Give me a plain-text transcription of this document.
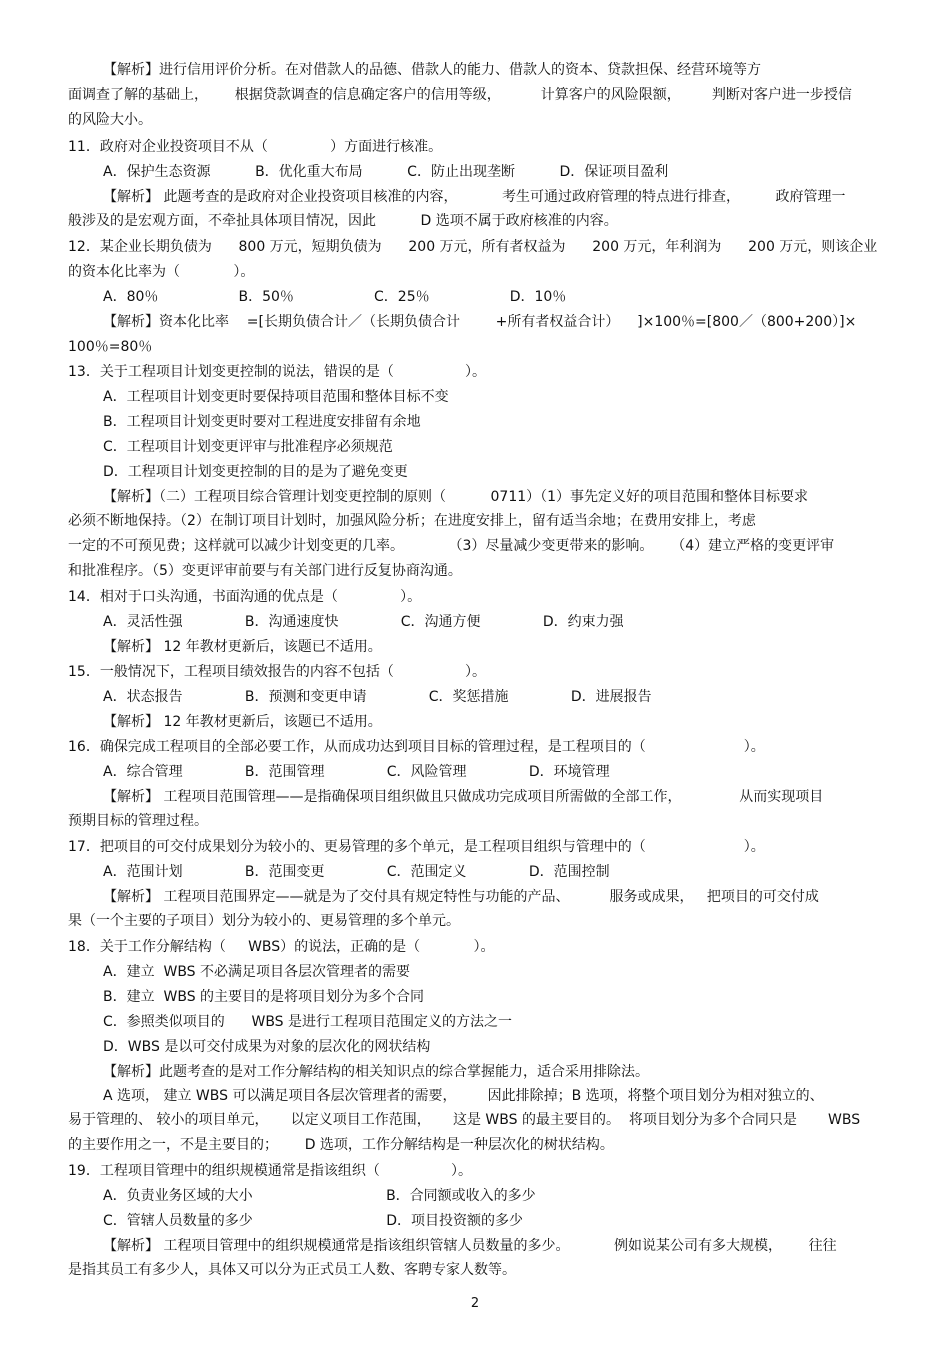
【解析】进行信用评价分析。在对借款人的品德、借款人的能力、借款人的资本、贷款担保、经营环境等方
面调查了解的基础上，      根据贷款调查的信息确定客户的信用等级，         计算客户的风险限额，       判断对客户进一步授信
的风险大小。
11．政府对企业投资项目不从（              ）方面进行核准。
A．保护生态资源          B．优化重大布局          C．防止出现垄断          D．保证项目盈利
【解析】 此题考查的是政府对企业投资项目核准的内容，          考生可通过政府管理的特点进行排查，        政府管理一
般涉及的是宏观方面，不牵扯具体项目情况，因此          D 选项不属于政府核准的内容。
12．某企业长期负债为      800 万元，短期负债为      200 万元，所有者权益为      200 万元，年利润为      200 万元，则该企业
的资本化比率为（            ）。
A．80％                  B．50％                  C．25％                  D．10％
【解析】资本化比率    =[长期负债合计／（长期负债合计        +所有者权益合计）    ]×100％=[800／（800+200）]×
100％=80％
13．关于工程项目计划变更控制的说法，错误的是（                ）。
A．工程项目计划变更时要保持项目范围和整体目标不变
B．工程项目计划变更时要对工程进度安排留有余地
C．工程项目计划变更评审与批准程序必须规范
D．工程项目计划变更控制的目的是为了避免变更
【解析】（二）工程项目综合管理计划变更控制的原则（          0711）（1）事先定义好的项目范围和整体目标要求
必须不断地保持。（2）在制订项目计划时，加强风险分析；在进度安排上，留有适当余地；在费用安排上，考虑
一定的不可预见费；这样就可以减少计划变更的几率。          （3）尽量减少变更带来的影响。    （4）建立严格的变更评审
和批准程序。（5）变更评审前要与有关部门进行反复协商沟通。
14．相对于口头沟通，书面沟通的优点是（              ）。
A．灵活性强              B．沟通速度快              C．沟通方便              D．约束力强
【解析】 12 年教材更新后，该题已不适用。
15．一般情况下，工程项目绩效报告的内容不包括（                ）。
A．状态报告              B．预测和变更申请              C．奖惩措施              D．进展报告
【解析】 12 年教材更新后，该题已不适用。
16．确保完成工程项目的全部必要工作，从而成功达到项目目标的管理过程，是工程项目的（                      ）。
A．综合管理              B．范围管理              C．风险管理              D．环境管理
【解析】 工程项目范围管理——是指确保项目组织做且只做成功完成项目所需做的全部工作，             从而实现项目
预期目标的管理过程。
17．把项目的可交付成果划分为较小的、更易管理的多个单元，是工程项目组织与管理中的（                      ）。
A．范围计划              B．范围变更              C．范围定义              D．范围控制
【解析】 工程项目范围界定——就是为了交付具有规定特性与功能的产品、         服务或成果，   把项目的可交付成
果（一个主要的子项目）划分为较小的、更易管理的多个单元。
18．关于工作分解结构（     WBS）的说法，正确的是（            ）。
A．建立  WBS 不必满足项目各层次管理者的需要
B．建立  WBS 的主要目的是将项目划分为多个合同
C．参照类似项目的      WBS 是进行工程项目范围定义的方法之一
D．WBS 是以可交付成果为对象的层次化的网状结构
【解析】此题考查的是对工作分解结构的相关知识点的综合掌握能力，适合采用排除法。
A 选项， 建立 WBS 可以满足项目各层次管理者的需要，       因此排除掉；B 选项，将整个项目划分为相对独立的、
易于管理的、 较小的项目单元，     以定义项目工作范围，     这是 WBS 的最主要目的。  将项目划分为多个合同只是       WBS
的主要作用之一，不是主要目的；      D 选项，工作分解结构是一种层次化的树状结构。
19．工程项目管理中的组织规模通常是指该组织（                ）。
A．负责业务区域的大小                              B．合同额或收入的多少
C．管辖人员数量的多少                              D．项目投资额的多少
【解析】 工程项目管理中的组织规模通常是指该组织管辖人员数量的多少。          例如说某公司有多大规模，      往往
是指其员工有多少人，具体又可以分为正式员工人数、客聘专家人数等。
2
